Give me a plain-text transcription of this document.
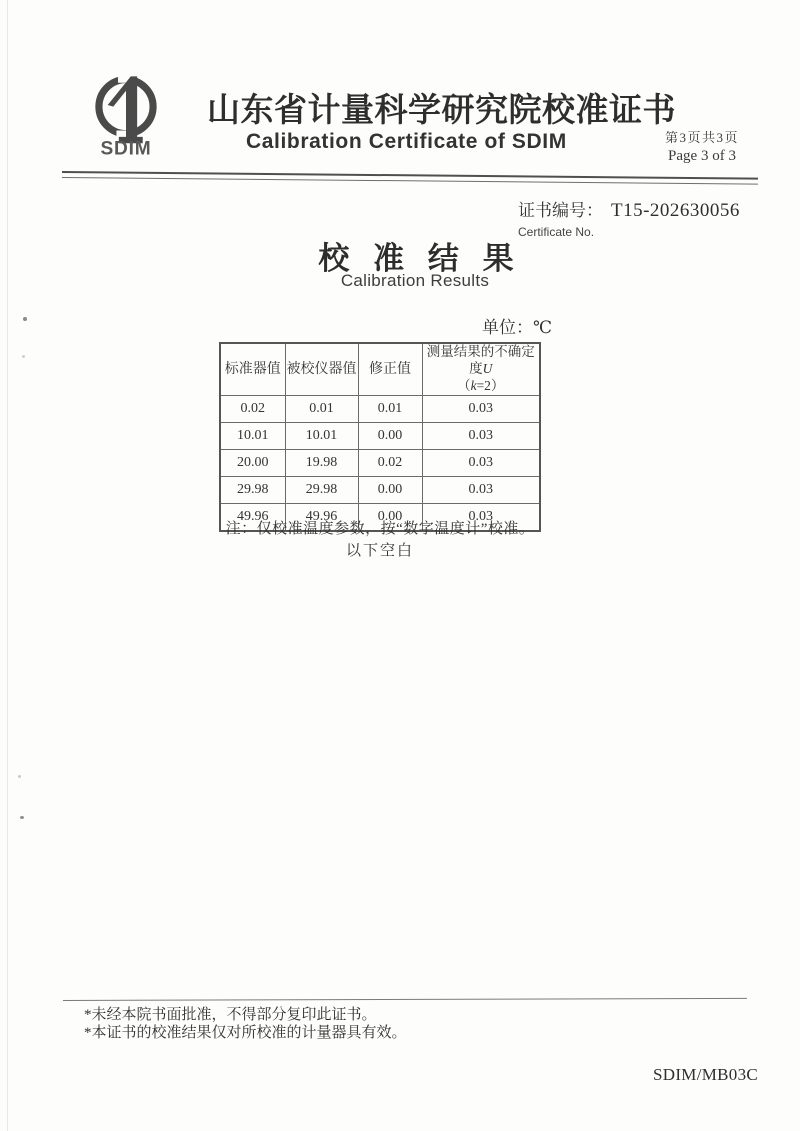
SDIM
山东省计量科学研究院校准证书
Calibration Certificate of SDIM	第3页共3页
Page 3 of 3
证书编号： T15-202630056
Certificate No.
校 准 结 果
Calibration Results
单位：℃
标准器值	被校仪器值	修正值	测量结果的不确定度U
（k=2）
0.02	0.01	0.01	0.03
10.01	10.01	0.00	0.03
20.00	19.98	0.02	0.03
29.98	29.98	0.00	0.03
49.96	49.96	0.00	0.03
注：仅校准温度参数，按“数字温度计”校准。
以下空白
*未经本院书面批准，不得部分复印此证书。
*本证书的校准结果仅对所校准的计量器具有效。
SDIM/MB03C
